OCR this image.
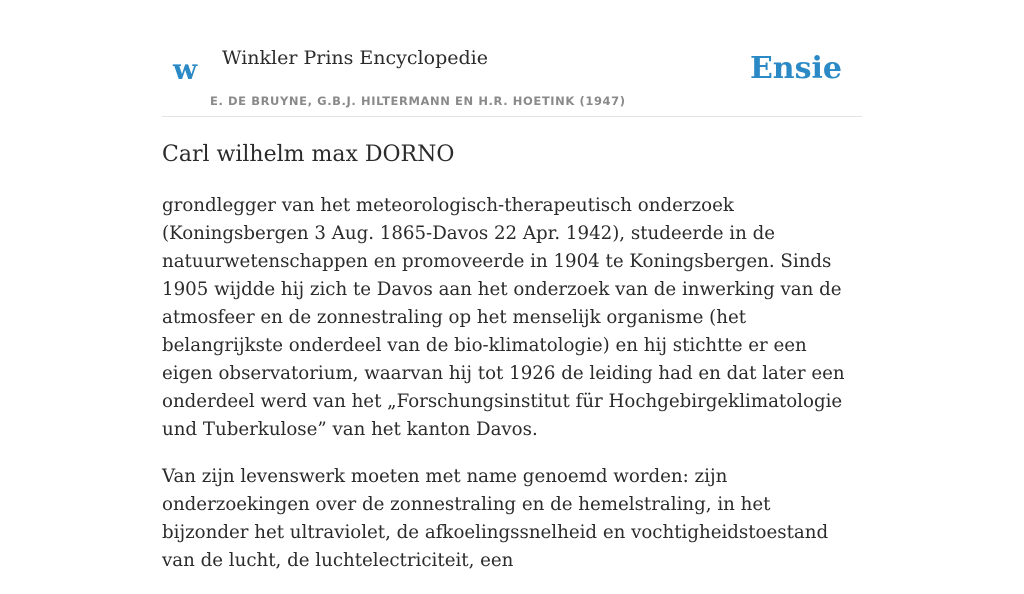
w Winkler Prins Encyclopedie
E. DE BRUYNE, G.B.J. HILTERMANN EN H.R. HOETINK (1947)
Ensie
Carl wilhelm max DORNO

grondlegger van het meteorologisch-therapeutisch onderzoek (Koningsbergen 3 Aug. 1865-Davos 22 Apr. 1942), studeerde in de natuurwetenschappen en promoveerde in 1904 te Koningsbergen. Sinds 1905 wijdde hij zich te Davos aan het onderzoek van de inwerking van de atmosfeer en de zonnestraling op het menselijk organisme (het belangrijkste onderdeel van de bio-klimatologie) en hij stichtte er een eigen observatorium, waarvan hij tot 1926 de leiding had en dat later een onderdeel werd van het „Forschungsinstitut für Hochgebirgeklimatologie und Tuberkulose” van het kanton Davos.

Van zijn levenswerk moeten met name genoemd worden: zijn onderzoekingen over de zonnestraling en de hemelstraling, in het bijzonder het ultraviolet, de afkoelingssnelheid en vochtigheidstoestand van de lucht, de luchtelectriciteit, een
